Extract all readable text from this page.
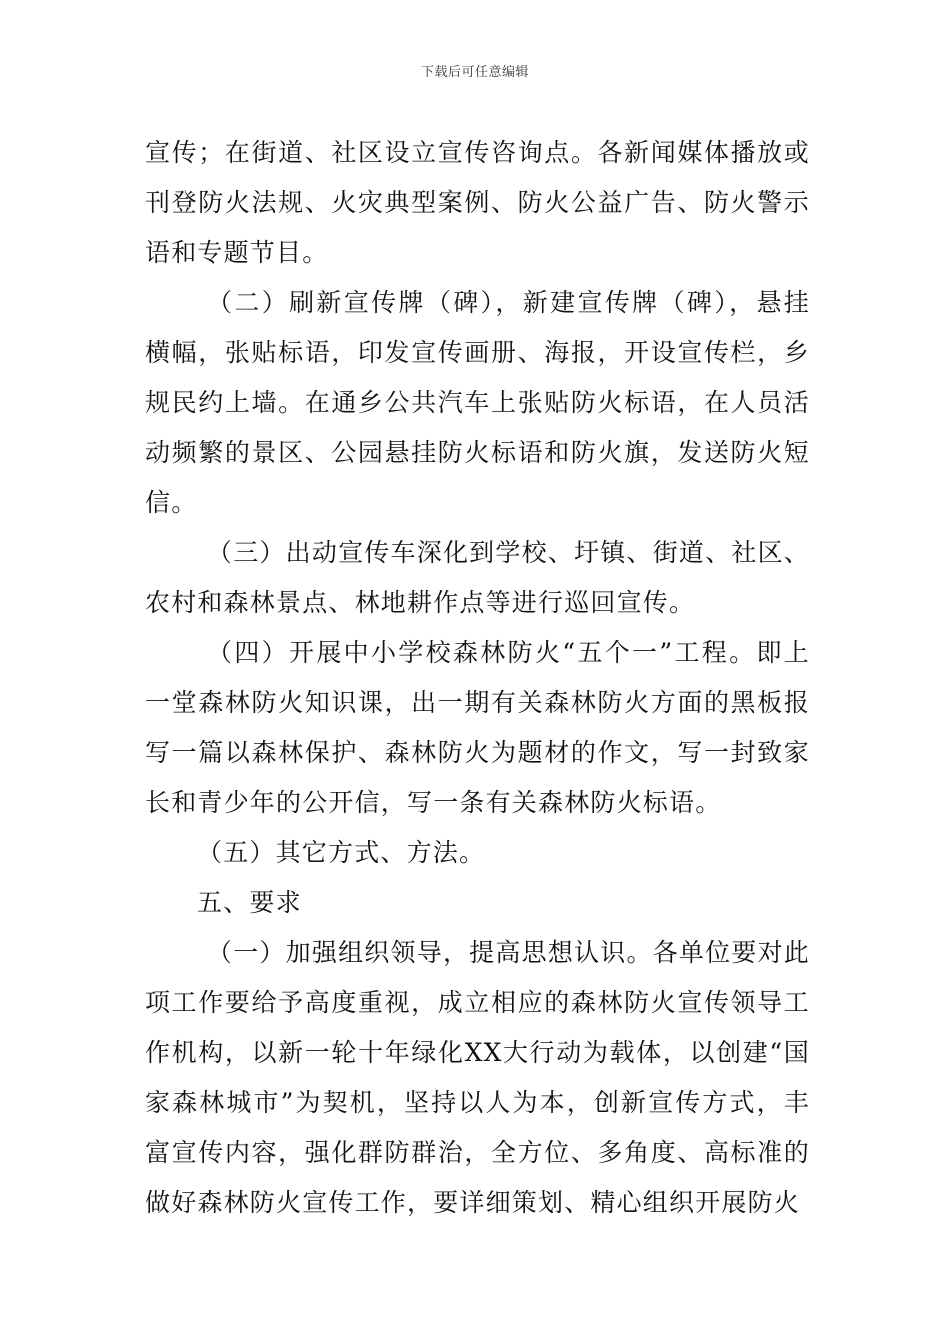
下载后可任意编辑

宣传；在街道、社区设立宣传咨询点。各新闻媒体播放或刊登防火法规、火灾典型案例、防火公益广告、防火警示语和专题节目。

（二）刷新宣传牌（碑），新建宣传牌（碑），悬挂横幅，张贴标语，印发宣传画册、海报，开设宣传栏，乡规民约上墙。在通乡公共汽车上张贴防火标语，在人员活动频繁的景区、公园悬挂防火标语和防火旗，发送防火短信。

（三）出动宣传车深化到学校、圩镇、街道、社区、农村和森林景点、林地耕作点等进行巡回宣传。

（四）开展中小学校森林防火“五个一”工程。即上一堂森林防火知识课，出一期有关森林防火方面的黑板报写一篇以森林保护、森林防火为题材的作文，写一封致家长和青少年的公开信，写一条有关森林防火标语。

（五）其它方式、方法。

五、要求

（一）加强组织领导，提高思想认识。各单位要对此项工作要给予高度重视，成立相应的森林防火宣传领导工作机构，以新一轮十年绿化XX大行动为载体，以创建“国家森林城市”为契机，坚持以人为本，创新宣传方式，丰富宣传内容，强化群防群治，全方位、多角度、高标准的做好森林防火宣传工作，要详细策划、精心组织开展防火
